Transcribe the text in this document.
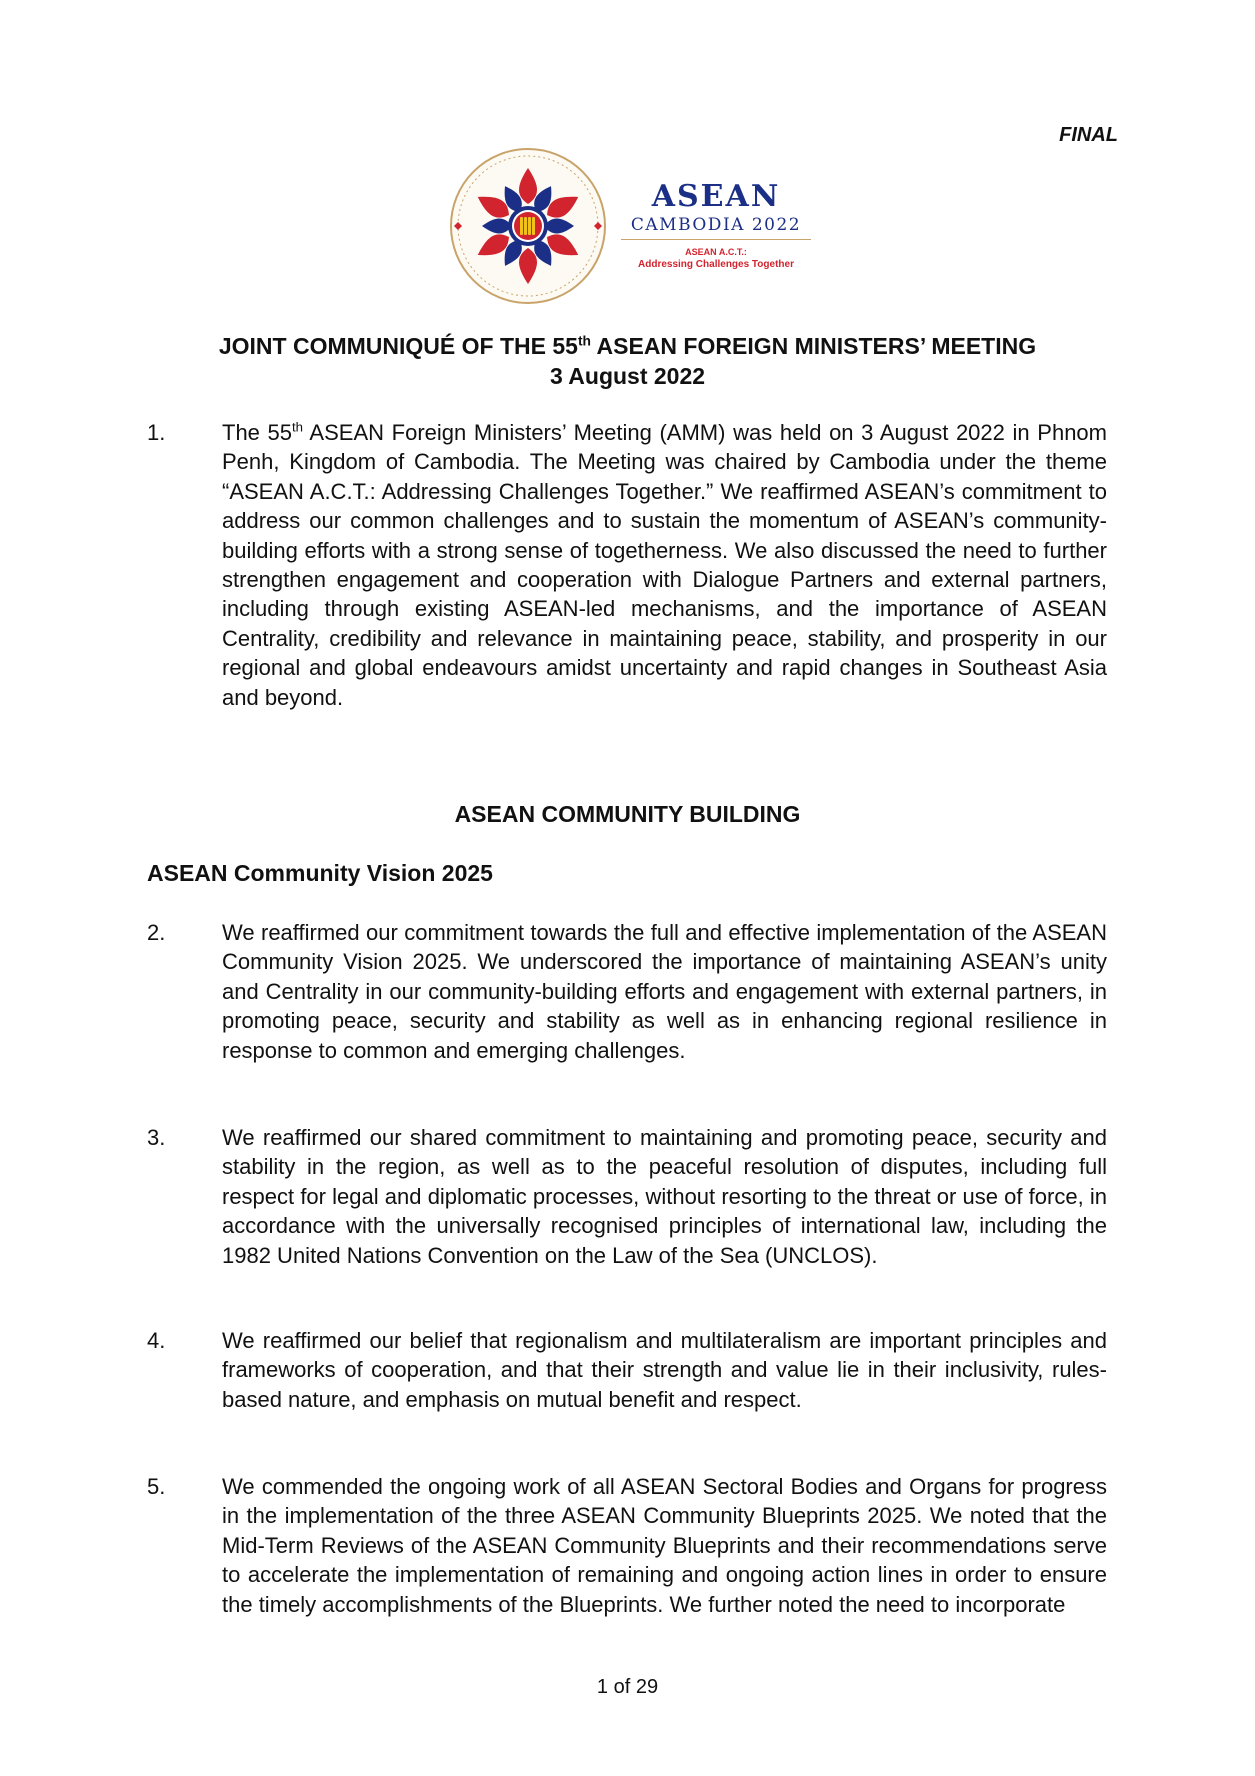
FINAL
ASEAN
CAMBODIA 2022
ASEAN A.C.T.:
Addressing Challenges Together
JOINT COMMUNIQUÉ OF THE 55th ASEAN FOREIGN MINISTERS’ MEETING
3 August 2022
1.	The 55th ASEAN Foreign Ministers’ Meeting (AMM) was held on 3 August 2022 in Phnom Penh, Kingdom of Cambodia. The Meeting was chaired by Cambodia under the theme “ASEAN A.C.T.: Addressing Challenges Together.” We reaffirmed ASEAN’s commitment to address our common challenges and to sustain the momentum of ASEAN’s community-building efforts with a strong sense of togetherness. We also discussed the need to further strengthen engagement and cooperation with Dialogue Partners and external partners, including through existing ASEAN-led mechanisms, and the importance of ASEAN Centrality, credibility and relevance in maintaining peace, stability, and prosperity in our regional and global endeavours amidst uncertainty and rapid changes in Southeast Asia and beyond.
ASEAN COMMUNITY BUILDING
ASEAN Community Vision 2025
2.	We reaffirmed our commitment towards the full and effective implementation of the ASEAN Community Vision 2025. We underscored the importance of maintaining ASEAN’s unity and Centrality in our community-building efforts and engagement with external partners, in promoting peace, security and stability as well as in enhancing regional resilience in response to common and emerging challenges.
3.	We reaffirmed our shared commitment to maintaining and promoting peace, security and stability in the region, as well as to the peaceful resolution of disputes, including full respect for legal and diplomatic processes, without resorting to the threat or use of force, in accordance with the universally recognised principles of international law, including the 1982 United Nations Convention on the Law of the Sea (UNCLOS).
4.	We reaffirmed our belief that regionalism and multilateralism are important principles and frameworks of cooperation, and that their strength and value lie in their inclusivity, rules-based nature, and emphasis on mutual benefit and respect.
5.	We commended the ongoing work of all ASEAN Sectoral Bodies and Organs for progress in the implementation of the three ASEAN Community Blueprints 2025. We noted that the Mid-Term Reviews of the ASEAN Community Blueprints and their recommendations serve to accelerate the implementation of remaining and ongoing action lines in order to ensure the timely accomplishments of the Blueprints. We further noted the need to incorporate
1 of 29
